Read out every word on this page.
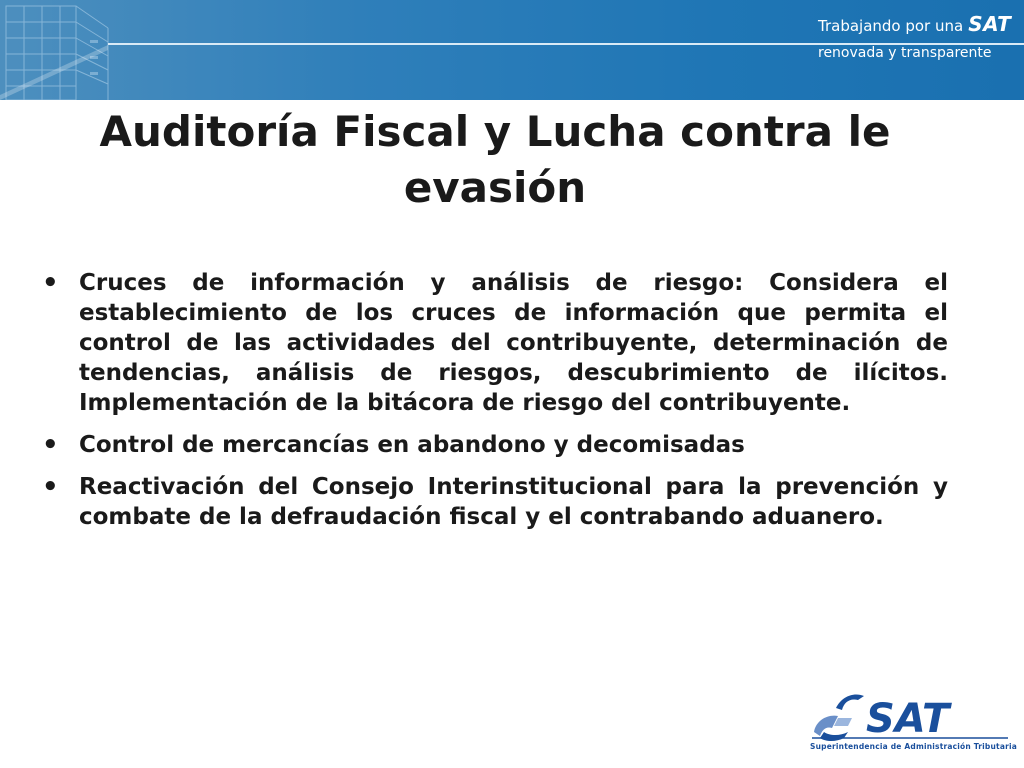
Trabajando por una SAT
renovada y transparente
Auditoría Fiscal y Lucha contra le evasión
• Cruces de información y análisis de riesgo: Considera el establecimiento de los cruces de información que permita el control de las actividades del contribuyente, determinación de tendencias, análisis de riesgos, descubrimiento de ilícitos. Implementación de la bitácora de riesgo del contribuyente.
• Control de mercancías en abandono y decomisadas
• Reactivación del Consejo Interinstitucional para la prevención y combate de la defraudación fiscal y el contrabando aduanero.
SAT
Superintendencia de Administración Tributaria
